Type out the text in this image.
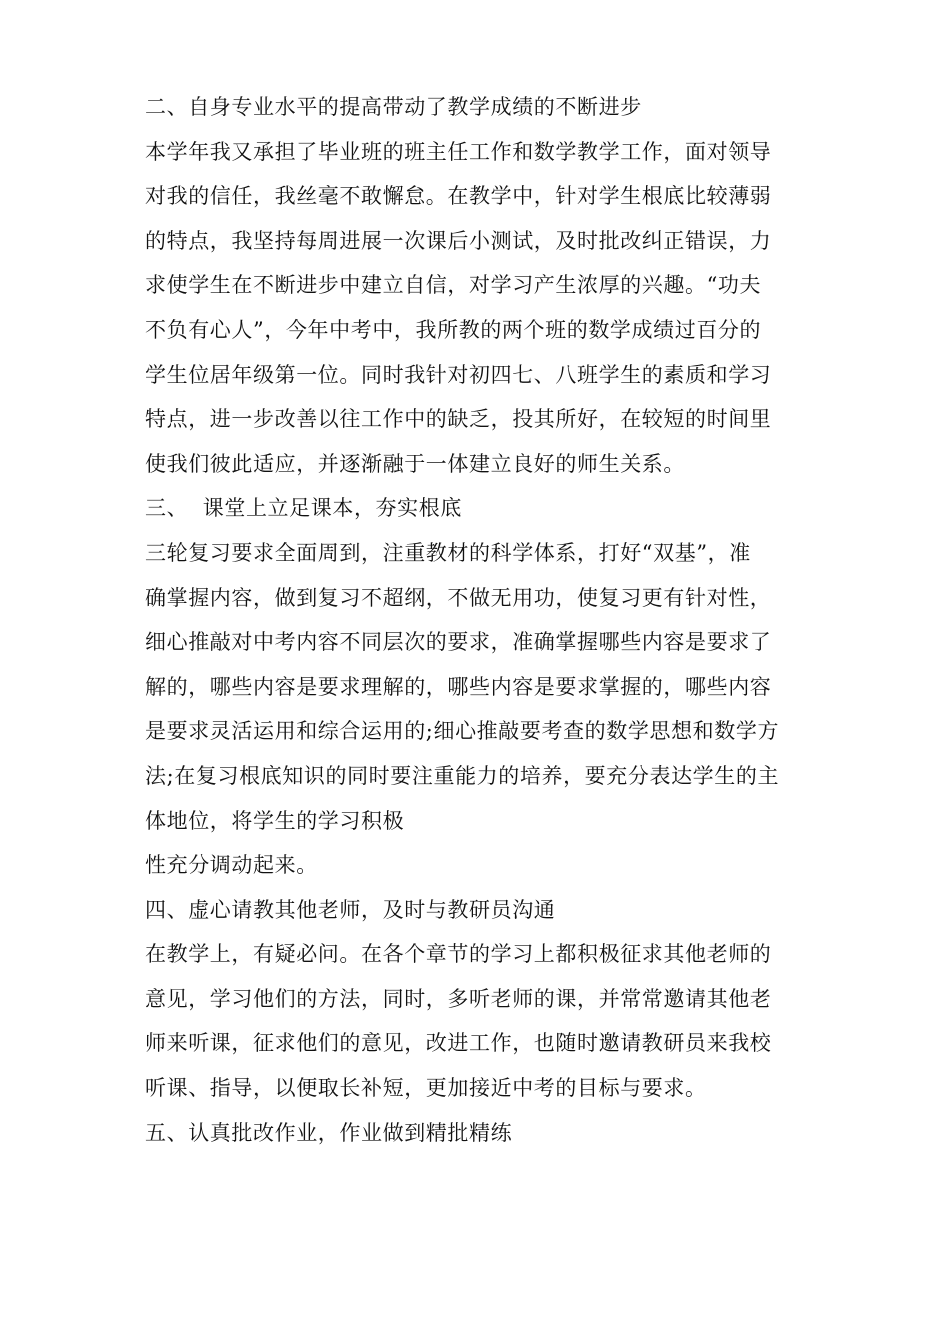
二、自身专业水平的提高带动了教学成绩的不断进步
本学年我又承担了毕业班的班主任工作和数学教学工作，面对领导
对我的信任，我丝毫不敢懈怠。在教学中，针对学生根底比较薄弱
的特点，我坚持每周进展一次课后小测试，及时批改纠正错误，力
求使学生在不断进步中建立自信，对学习产生浓厚的兴趣。“功夫
不负有心人”，今年中考中，我所教的两个班的数学成绩过百分的
学生位居年级第一位。同时我针对初四七、八班学生的素质和学习
特点，进一步改善以往工作中的缺乏，投其所好，在较短的时间里
使我们彼此适应，并逐渐融于一体建立良好的师生关系。
三、  课堂上立足课本，夯实根底
三轮复习要求全面周到，注重教材的科学体系，打好“双基”，准
确掌握内容，做到复习不超纲，不做无用功，使复习更有针对性，
细心推敲对中考内容不同层次的要求，准确掌握哪些内容是要求了
解的，哪些内容是要求理解的，哪些内容是要求掌握的，哪些内容
是要求灵活运用和综合运用的;细心推敲要考查的数学思想和数学方
法;在复习根底知识的同时要注重能力的培养，要充分表达学生的主
体地位，将学生的学习积极
性充分调动起来。
四、虚心请教其他老师，及时与教研员沟通
在教学上，有疑必问。在各个章节的学习上都积极征求其他老师的
意见，学习他们的方法，同时，多听老师的课，并常常邀请其他老
师来听课，征求他们的意见，改进工作，也随时邀请教研员来我校
听课、指导，以便取长补短，更加接近中考的目标与要求。
五、认真批改作业，作业做到精批精练
